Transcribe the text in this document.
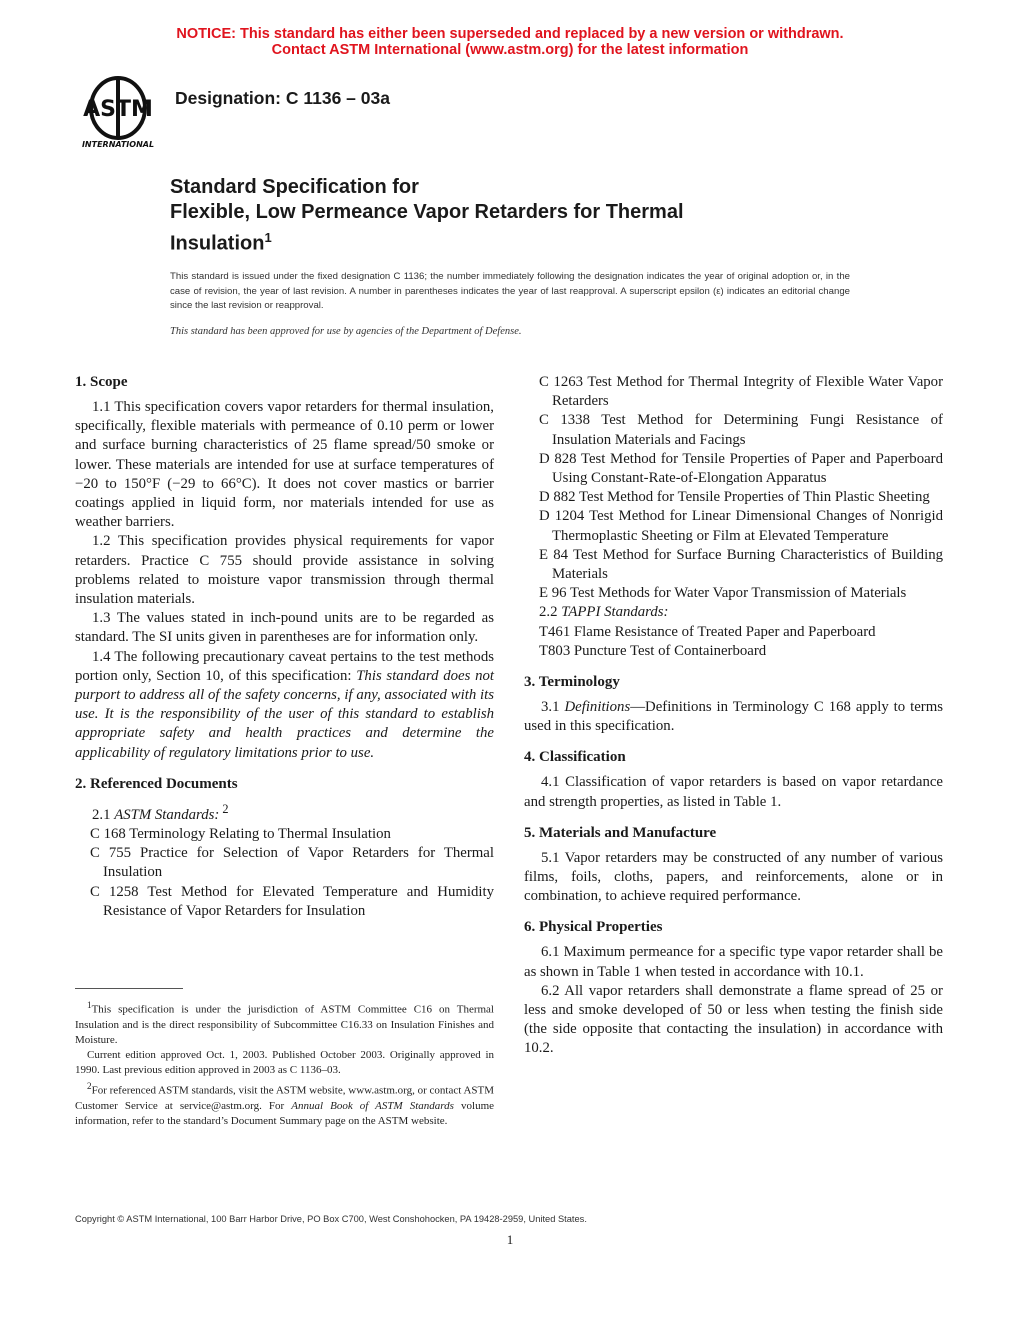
NOTICE: This standard has either been superseded and replaced by a new version or withdrawn.
Contact ASTM International (www.astm.org) for the latest information
ASTM
INTERNATIONAL
Designation: C 1136 – 03a
Standard Specification for
Flexible, Low Permeance Vapor Retarders for Thermal
Insulation$^1$
This standard is issued under the fixed designation C 1136; the number immediately following the designation indicates the year of original adoption or, in the case of revision, the year of last revision. A number in parentheses indicates the year of last reapproval. A superscript epsilon (ε) indicates an editorial change since the last revision or reapproval.
This standard has been approved for use by agencies of the Department of Defense.
1. Scope

1.1 This specification covers vapor retarders for thermal insulation, specifically, flexible materials with permeance of 0.10 perm or lower and surface burning characteristics of 25 flame spread/50 smoke or lower. These materials are intended for use at surface temperatures of −20 to 150°F (−29 to 66°C). It does not cover mastics or barrier coatings applied in liquid form, nor materials intended for use as weather barriers.

1.2 This specification provides physical requirements for vapor retarders. Practice C 755 should provide assistance in solving problems related to moisture vapor transmission through thermal insulation materials.

1.3 The values stated in inch-pound units are to be regarded as standard. The SI units given in parentheses are for information only.

1.4 The following precautionary caveat pertains to the test methods portion only, Section 10, of this specification: This standard does not purport to address all of the safety concerns, if any, associated with its use. It is the responsibility of the user of this standard to establish appropriate safety and health practices and determine the applicability of regulatory limitations prior to use.

2. Referenced Documents
2.1 ASTM Standards: $^2$
C 168 Terminology Relating to Thermal Insulation
C 755 Practice for Selection of Vapor Retarders for Thermal Insulation
C 1258 Test Method for Elevated Temperature and Humidity Resistance of Vapor Retarders for Insulation

$^1$This specification is under the jurisdiction of ASTM Committee C16 on Thermal Insulation and is the direct responsibility of Subcommittee C16.33 on Insulation Finishes and Moisture.

Current edition approved Oct. 1, 2003. Published October 2003. Originally approved in 1990. Last previous edition approved in 2003 as C 1136–03.

$^2$For referenced ASTM standards, visit the ASTM website, www.astm.org, or contact ASTM Customer Service at service@astm.org. For Annual Book of ASTM Standards volume information, refer to the standard’s Document Summary page on the ASTM website.

C 1263 Test Method for Thermal Integrity of Flexible Water Vapor Retarders
C 1338 Test Method for Determining Fungi Resistance of Insulation Materials and Facings
D 828 Test Method for Tensile Properties of Paper and Paperboard Using Constant-Rate-of-Elongation Apparatus
D 882 Test Method for Tensile Properties of Thin Plastic Sheeting
D 1204 Test Method for Linear Dimensional Changes of Nonrigid Thermoplastic Sheeting or Film at Elevated Temperature
E 84 Test Method for Surface Burning Characteristics of Building Materials
E 96 Test Methods for Water Vapor Transmission of Materials
2.2 TAPPI Standards:
T461 Flame Resistance of Treated Paper and Paperboard
T803 Puncture Test of Containerboard
3. Terminology

3.1 Definitions—Definitions in Terminology C 168 apply to terms used in this specification.

4. Classification

4.1 Classification of vapor retarders is based on vapor retardance and strength properties, as listed in Table 1.

5. Materials and Manufacture

5.1 Vapor retarders may be constructed of any number of various films, foils, cloths, papers, and reinforcements, alone or in combination, to achieve required performance.

6. Physical Properties

6.1 Maximum permeance for a specific type vapor retarder shall be as shown in Table 1 when tested in accordance with 10.1.

6.2 All vapor retarders shall demonstrate a flame spread of 25 or less and smoke developed of 50 or less when testing the finish side (the side opposite that contacting the insulation) in accordance with 10.2.

Copyright © ASTM International, 100 Barr Harbor Drive, PO Box C700, West Conshohocken, PA 19428-2959, United States.
1
